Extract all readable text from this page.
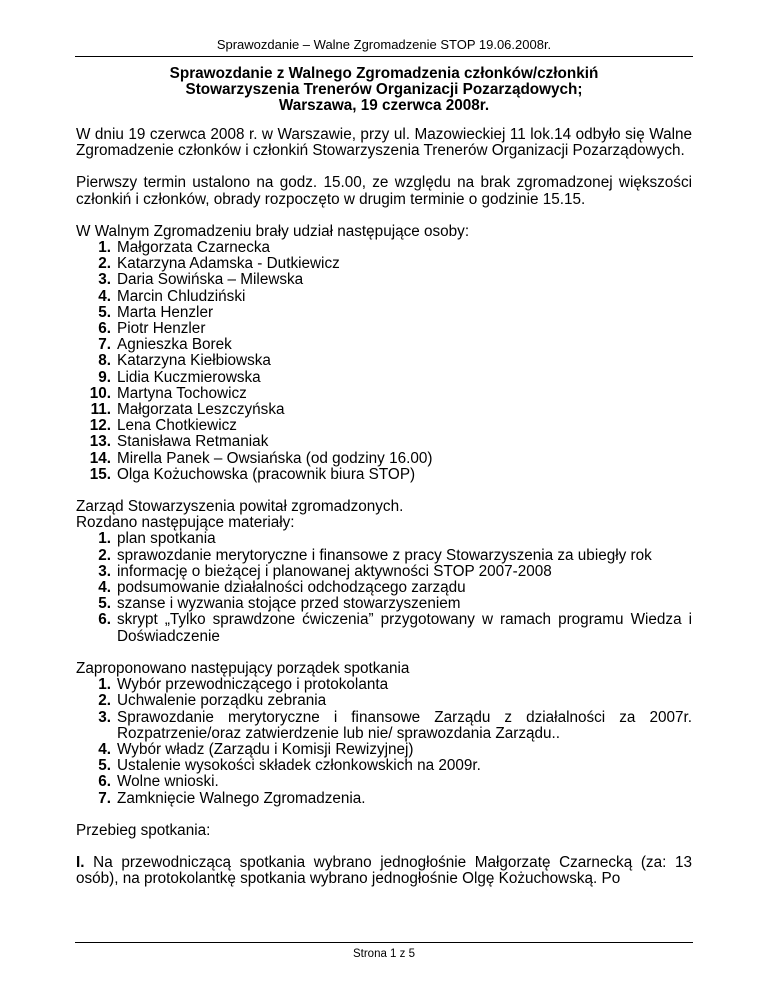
Sprawozdanie – Walne Zgromadzenie STOP 19.06.2008r.
Sprawozdanie z Walnego Zgromadzenia członków/członkiń
Stowarzyszenia Trenerów Organizacji Pozarządowych;
Warszawa, 19 czerwca 2008r.

W dniu 19 czerwca 2008 r. w Warszawie, przy ul. Mazowieckiej 11 lok.14 odbyło się Walne Zgromadzenie członków i członkiń Stowarzyszenia Trenerów Organizacji Pozarządowych.

Pierwszy termin ustalono na godz. 15.00, ze względu na brak zgromadzonej większości członkiń i członków, obrady rozpoczęto w drugim terminie o godzinie 15.15.

W Walnym Zgromadzeniu brały udział następujące osoby:

1. Małgorzata Czarnecka
2. Katarzyna Adamska - Dutkiewicz
3. Daria Sowińska – Milewska
4. Marcin Chludziński
5. Marta Henzler
6. Piotr Henzler
7. Agnieszka Borek
8. Katarzyna Kiełbiowska
9. Lidia Kuczmierowska
10. Martyna Tochowicz
11. Małgorzata Leszczyńska
12. Lena Chotkiewicz
13. Stanisława Retmaniak
14. Mirella Panek – Owsiańska (od godziny 16.00)
15. Olga Kożuchowska (pracownik biura STOP)

Zarząd Stowarzyszenia powitał zgromadzonych.

Rozdano następujące materiały:

1. plan spotkania
2. sprawozdanie merytoryczne i finansowe z pracy Stowarzyszenia za ubiegły rok
3. informację o bieżącej i planowanej aktywności STOP 2007-2008
4. podsumowanie działalności odchodzącego zarządu
5. szanse i wyzwania stojące przed stowarzyszeniem
6. skrypt „Tylko sprawdzone ćwiczenia” przygotowany w ramach programu Wiedza i Doświadczenie

Zaproponowano następujący porządek spotkania

1. Wybór przewodniczącego i protokolanta
2. Uchwalenie porządku zebrania
3. Sprawozdanie merytoryczne i finansowe Zarządu z działalności za 2007r. Rozpatrzenie/oraz zatwierdzenie lub nie/ sprawozdania Zarządu..
4. Wybór władz (Zarządu i Komisji Rewizyjnej)
5. Ustalenie wysokości składek członkowskich na 2009r.
6. Wolne wnioski.
7. Zamknięcie Walnego Zgromadzenia.

Przebieg spotkania:

I. Na przewodniczącą spotkania wybrano jednogłośnie Małgorzatę Czarnecką (za: 13 osób), na protokolantkę spotkania wybrano jednogłośnie Olgę Kożuchowską. Po

Strona 1 z 5
